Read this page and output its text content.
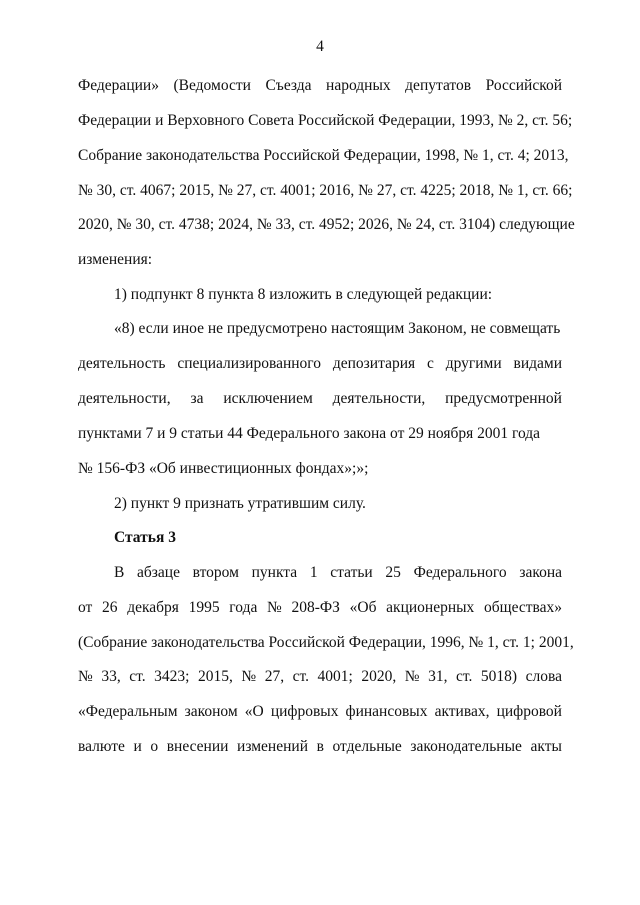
4
Федерации» (Ведомости Съезда народных депутатов Российской
Федерации и Верховного Совета Российской Федерации, 1993, № 2, ст. 56;
Собрание законодательства Российской Федерации, 1998, № 1, ст. 4; 2013,
№ 30, ст. 4067; 2015, № 27, ст. 4001; 2016, № 27, ст. 4225; 2018, № 1, ст. 66;
2020, № 30, ст. 4738; 2024, № 33, ст. 4952; 2026, № 24, ст. 3104) следующие
изменения:
1) подпункт 8 пункта 8 изложить в следующей редакции:
«8) если иное не предусмотрено настоящим Законом, не совмещать
деятельность специализированного депозитария с другими видами
деятельности, за исключением деятельности, предусмотренной
пунктами 7 и 9 статьи 44 Федерального закона от 29 ноября 2001 года
№ 156-ФЗ «Об инвестиционных фондах»;»;
2) пункт 9 признать утратившим силу.
Статья 3
В абзаце втором пункта 1 статьи 25 Федерального закона
от 26 декабря 1995 года № 208-ФЗ «Об акционерных обществах»
(Собрание законодательства Российской Федерации, 1996, № 1, ст. 1; 2001,
№ 33, ст. 3423; 2015, № 27, ст. 4001; 2020, № 31, ст. 5018) слова
«Федеральным законом «О цифровых финансовых активах, цифровой
валюте и о внесении изменений в отдельные законодательные акты
